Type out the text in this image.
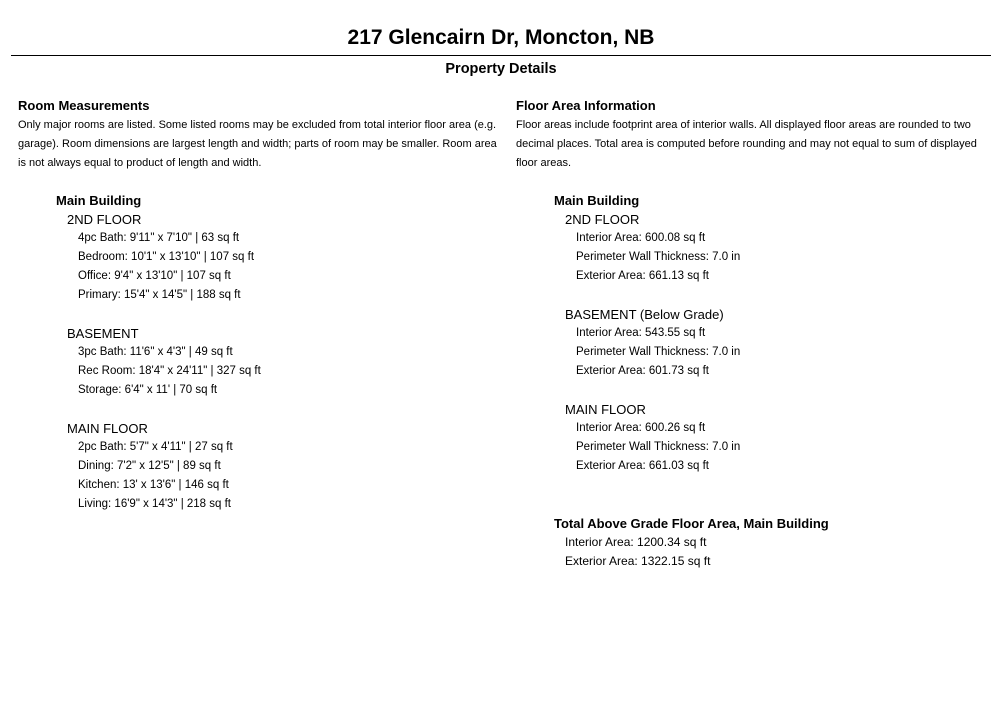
217 Glencairn Dr, Moncton, NB
Property Details
Room Measurements
Only major rooms are listed. Some listed rooms may be excluded from total interior floor area (e.g. garage). Room dimensions are largest length and width; parts of room may be smaller. Room area is not always equal to product of length and width.
Main Building
2ND FLOOR
4pc Bath: 9'11" x 7'10" | 63 sq ft
Bedroom: 10'1" x 13'10" | 107 sq ft
Office: 9'4" x 13'10" | 107 sq ft
Primary: 15'4" x 14'5" | 188 sq ft
BASEMENT
3pc Bath: 11'6" x 4'3" | 49 sq ft
Rec Room: 18'4" x 24'11" | 327 sq ft
Storage: 6'4" x 11' | 70 sq ft
MAIN FLOOR
2pc Bath: 5'7" x 4'11" | 27 sq ft
Dining: 7'2" x 12'5" | 89 sq ft
Kitchen: 13' x 13'6" | 146 sq ft
Living: 16'9" x 14'3" | 218 sq ft
Floor Area Information
Floor areas include footprint area of interior walls. All displayed floor areas are rounded to two decimal places. Total area is computed before rounding and may not equal to sum of displayed floor areas.
Main Building
2ND FLOOR
Interior Area: 600.08 sq ft
Perimeter Wall Thickness: 7.0 in
Exterior Area: 661.13 sq ft
BASEMENT (Below Grade)
Interior Area: 543.55 sq ft
Perimeter Wall Thickness: 7.0 in
Exterior Area: 601.73 sq ft
MAIN FLOOR
Interior Area: 600.26 sq ft
Perimeter Wall Thickness: 7.0 in
Exterior Area: 661.03 sq ft
Total Above Grade Floor Area, Main Building
Interior Area: 1200.34 sq ft
Exterior Area: 1322.15 sq ft
